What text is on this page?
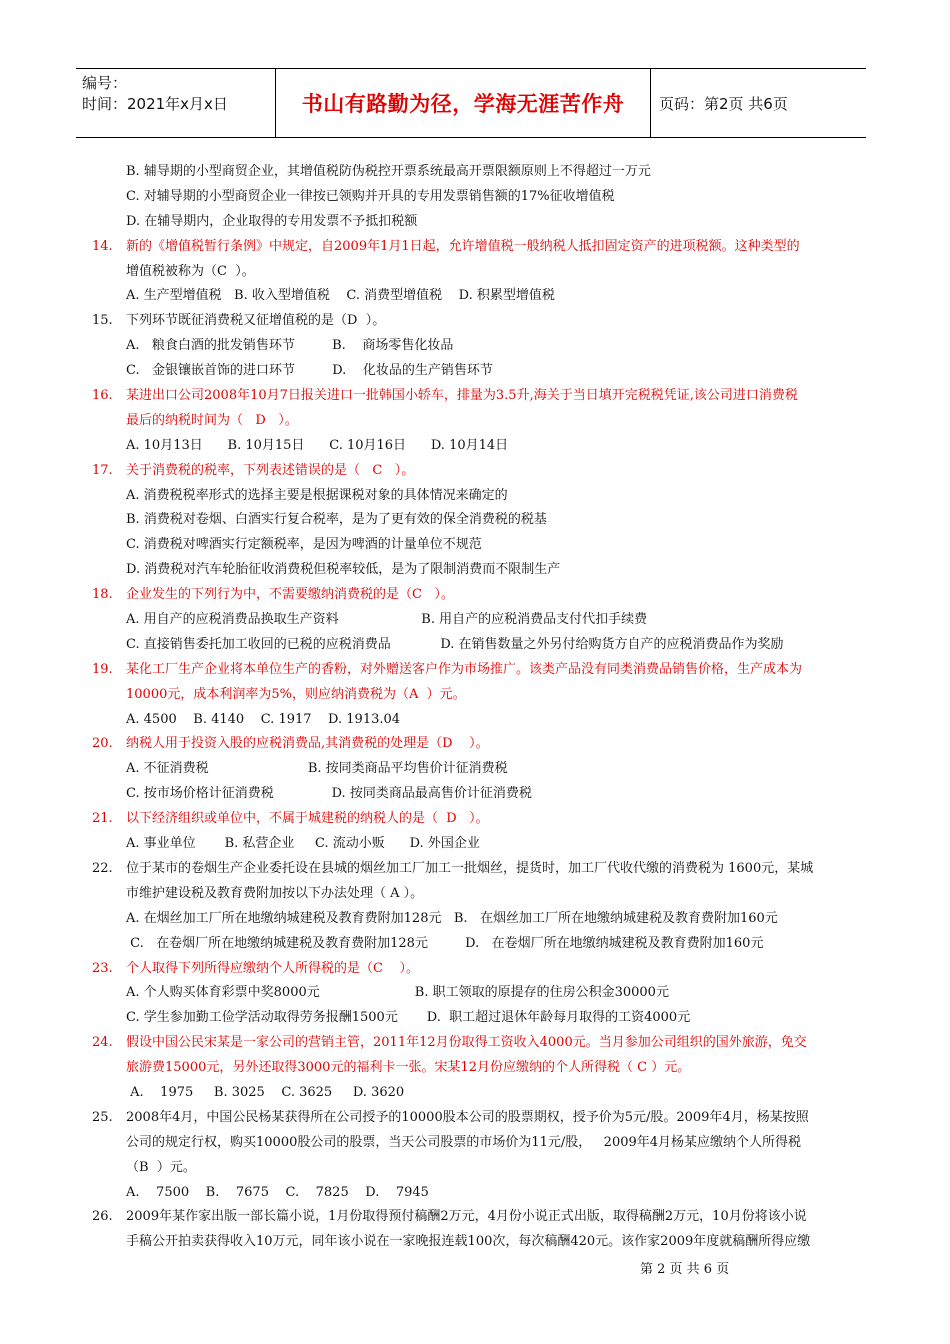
编号：
时间：2021年x月x日	书山有路勤为径，学海无涯苦作舟	页码：第2页 共6页
B. 辅导期的小型商贸企业，其增值税防伪税控开票系统最高开票限额原则上不得超过一万元
C. 对辅导期的小型商贸企业一律按已领购并开具的专用发票销售额的17%征收增值税
D. 在辅导期内，企业取得的专用发票不予抵扣税额
14. 新的《增值税暂行条例》中规定，自2009年1月1日起，允许增值税一般纳税人抵扣固定资产的进项税额。这种类型的
增值税被称为（C  ）。
A. 生产型增值税   B. 收入型增值税    C. 消费型增值税    D. 积累型增值税
15. 下列环节既征消费税又征增值税的是（D  ）。
A.   粮食白酒的批发销售环节         B.    商场零售化妆品
C.   金银镶嵌首饰的进口环节         D.    化妆品的生产销售环节
16. 某进出口公司2008年10月7日报关进口一批韩国小轿车，排量为3.5升,海关于当日填开完税税凭证,该公司进口消费税
最后的纳税时间为（   D   ）。
A. 10月13日      B. 10月15日      C. 10月16日      D. 10月14日
17. 关于消费税的税率，下列表述错误的是（   C   ）。
A. 消费税税率形式的选择主要是根据课税对象的具体情况来确定的
B. 消费税对卷烟、白酒实行复合税率，是为了更有效的保全消费税的税基
C. 消费税对啤酒实行定额税率，是因为啤酒的计量单位不规范
D. 消费税对汽车轮胎征收消费税但税率较低，是为了限制消费而不限制生产
18. 企业发生的下列行为中，不需要缴纳消费税的是（C   ）。
A. 用自产的应税消费品换取生产资料                    B. 用自产的应税消费品支付代扣手续费
C. 直接销售委托加工收回的已税的应税消费品            D. 在销售数量之外另付给购货方自产的应税消费品作为奖励
19. 某化工厂生产企业将本单位生产的香粉，对外赠送客户作为市场推广。该类产品没有同类消费品销售价格，生产成本为
10000元，成本利润率为5%，则应纳消费税为（A  ）元。
A. 4500    B. 4140    C. 1917    D. 1913.04
20. 纳税人用于投资入股的应税消费品,其消费税的处理是（D    ）。
A. 不征消费税                        B. 按同类商品平均售价计征消费税
C. 按市场价格计征消费税              D. 按同类商品最高售价计征消费税
21. 以下经济组织或单位中，不属于城建税的纳税人的是（  D   ）。
A. 事业单位       B. 私营企业     C. 流动小贩      D. 外国企业
22. 位于某市的卷烟生产企业委托设在县城的烟丝加工厂加工一批烟丝，提货时，加工厂代收代缴的消费税为 1600元，某城
市维护建设税及教育费附加按以下办法处理（ A ）。
A. 在烟丝加工厂所在地缴纳城建税及教育费附加128元   B.   在烟丝加工厂所在地缴纳城建税及教育费附加160元
C.   在卷烟厂所在地缴纳城建税及教育费附加128元         D.   在卷烟厂所在地缴纳城建税及教育费附加160元
23. 个人取得下列所得应缴纳个人所得税的是（C    ）。
A. 个人购买体育彩票中奖8000元                       B. 职工领取的原提存的住房公积金30000元
C. 学生参加勤工俭学活动取得劳务报酬1500元       D.  职工超过退休年龄每月取得的工资4000元
24. 假设中国公民宋某是一家公司的营销主管，2011年12月份取得工资收入4000元。当月参加公司组织的国外旅游，免交
旅游费15000元，另外还取得3000元的福利卡一张。宋某12月份应缴纳的个人所得税（ C ）元。
A.    1975     B. 3025    C. 3625     D. 3620
25. 2008年4月，中国公民杨某获得所在公司授予的10000股本公司的股票期权，授予价为5元/股。2009年4月，杨某按照
公司的规定行权，购买10000股公司的股票，当天公司股票的市场价为11元/股，   2009年4月杨某应缴纳个人所得税
（B  ）元。
A.    7500    B.    7675    C.    7825    D.    7945
26. 2009年某作家出版一部长篇小说，1月份取得预付稿酬2万元，4月份小说正式出版，取得稿酬2万元，10月份将该小说
手稿公开拍卖获得收入10万元，同年该小说在一家晚报连载100次，每次稿酬420元。该作家2009年度就稿酬所得应缴
第 2 页 共 6 页
